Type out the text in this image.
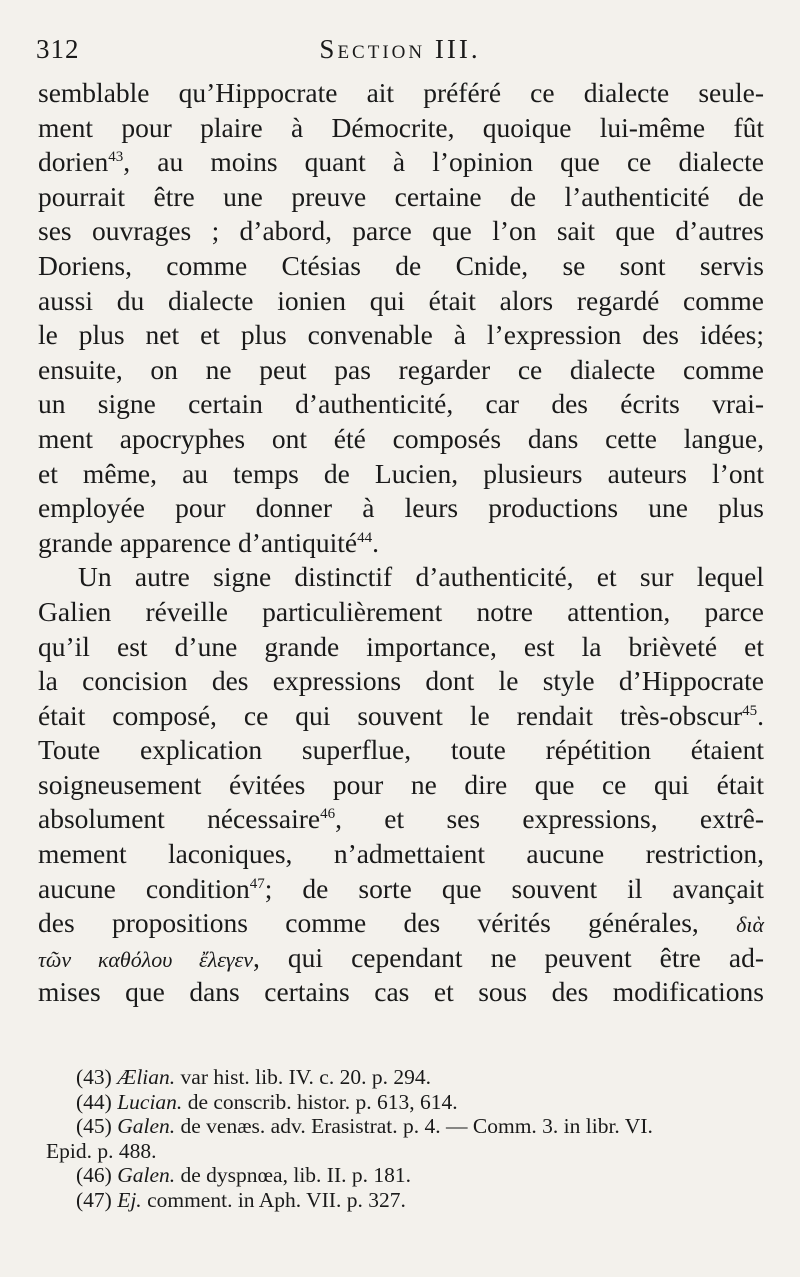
312	Section III.
semblable qu’Hippocrate ait préféré ce dialecte seule-
ment pour plaire à Démocrite, quoique lui-même fût
dorien$^{43}$, au moins quant à l’opinion que ce dialecte
pourrait être une preuve certaine de l’authenticité de
ses ouvrages ; d’abord, parce que l’on sait que d’autres
Doriens, comme Ctésias de Cnide, se sont servis
aussi du dialecte ionien qui était alors regardé comme
le plus net et plus convenable à l’expression des idées;
ensuite, on ne peut pas regarder ce dialecte comme
un signe certain d’authenticité, car des écrits vrai-
ment apocryphes ont été composés dans cette langue,
et même, au temps de Lucien, plusieurs auteurs l’ont
employée pour donner à leurs productions une plus
grande apparence d’antiquité$^{44}$.
Un autre signe distinctif d’authenticité, et sur lequel
Galien réveille particulièrement notre attention, parce
qu’il est d’une grande importance, est la brièveté et
la concision des expressions dont le style d’Hippocrate
était composé, ce qui souvent le rendait très-obscur$^{45}$.
Toute explication superflue, toute répétition étaient
soigneusement évitées pour ne dire que ce qui était
absolument nécessaire$^{46}$, et ses expressions, extrê-
mement laconiques, n’admettaient aucune restriction,
aucune condition$^{47}$; de sorte que souvent il avançait
des propositions comme des vérités générales, διὰ
τῶν καθόλου ἔλεγεν, qui cependant ne peuvent être ad-
mises que dans certains cas et sous des modifications
(43) Ælian. var hist. lib. IV. c. 20. p. 294.
(44) Lucian. de conscrib. histor. p. 613, 614.
(45) Galen. de venæs. adv. Erasistrat. p. 4. — Comm. 3. in libr. VI.
Epid. p. 488.
(46) Galen. de dyspnœa, lib. II. p. 181.
(47) Ej. comment. in Aph. VII. p. 327.
